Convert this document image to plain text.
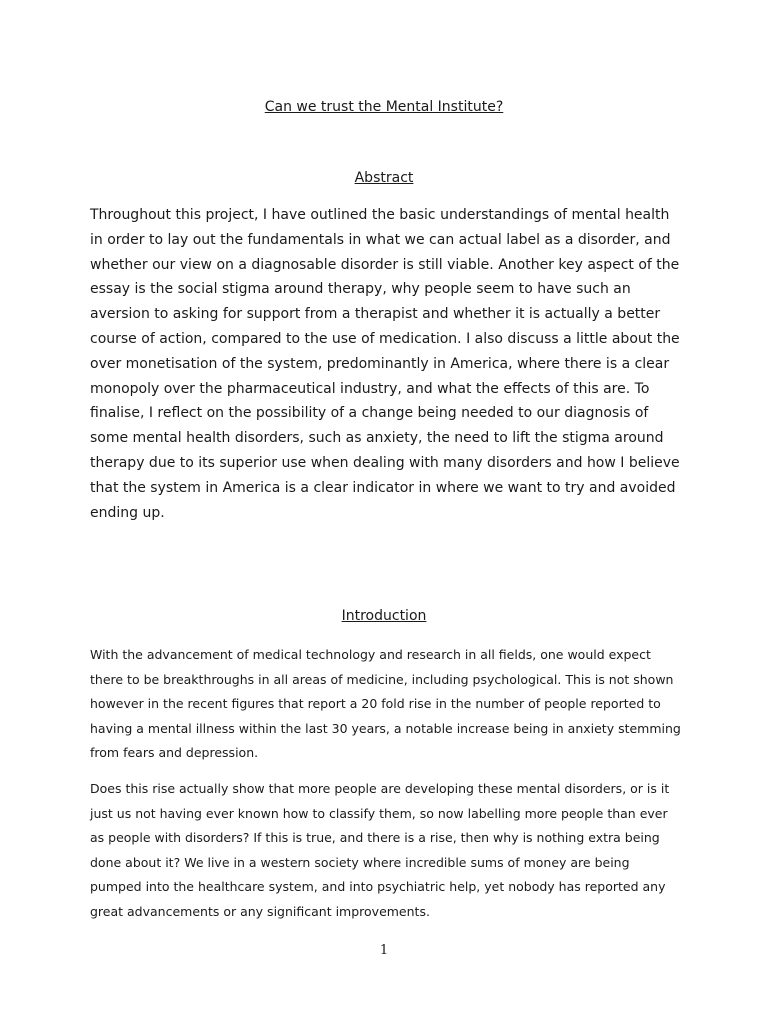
Can we trust the Mental Institute?
Abstract

Throughout this project, I have outlined the basic understandings of mental health in order to lay out the fundamentals in what we can actual label as a disorder, and whether our view on a diagnosable disorder is still viable. Another key aspect of the essay is the social stigma around therapy, why people seem to have such an aversion to asking for support from a therapist and whether it is actually a better course of action, compared to the use of medication. I also discuss a little about the over monetisation of the system, predominantly in America, where there is a clear monopoly over the pharmaceutical industry, and what the effects of this are. To finalise, I reflect on the possibility of a change being needed to our diagnosis of some mental health disorders, such as anxiety, the need to lift the stigma around therapy due to its superior use when dealing with many disorders and how I believe that the system in America is a clear indicator in where we want to try and avoided ending up.

Introduction

With the advancement of medical technology and research in all fields, one would expect there to be breakthroughs in all areas of medicine, including psychological. This is not shown however in the recent figures that report a 20 fold rise in the number of people reported to having a mental illness within the last 30 years, a notable increase being in anxiety stemming from fears and depression.

Does this rise actually show that more people are developing these mental disorders, or is it just us not having ever known how to classify them, so now labelling more people than ever as people with disorders? If this is true, and there is a rise, then why is nothing extra being done about it? We live in a western society where incredible sums of money are being pumped into the healthcare system, and into psychiatric help, yet nobody has reported any great advancements or any significant improvements.

1
